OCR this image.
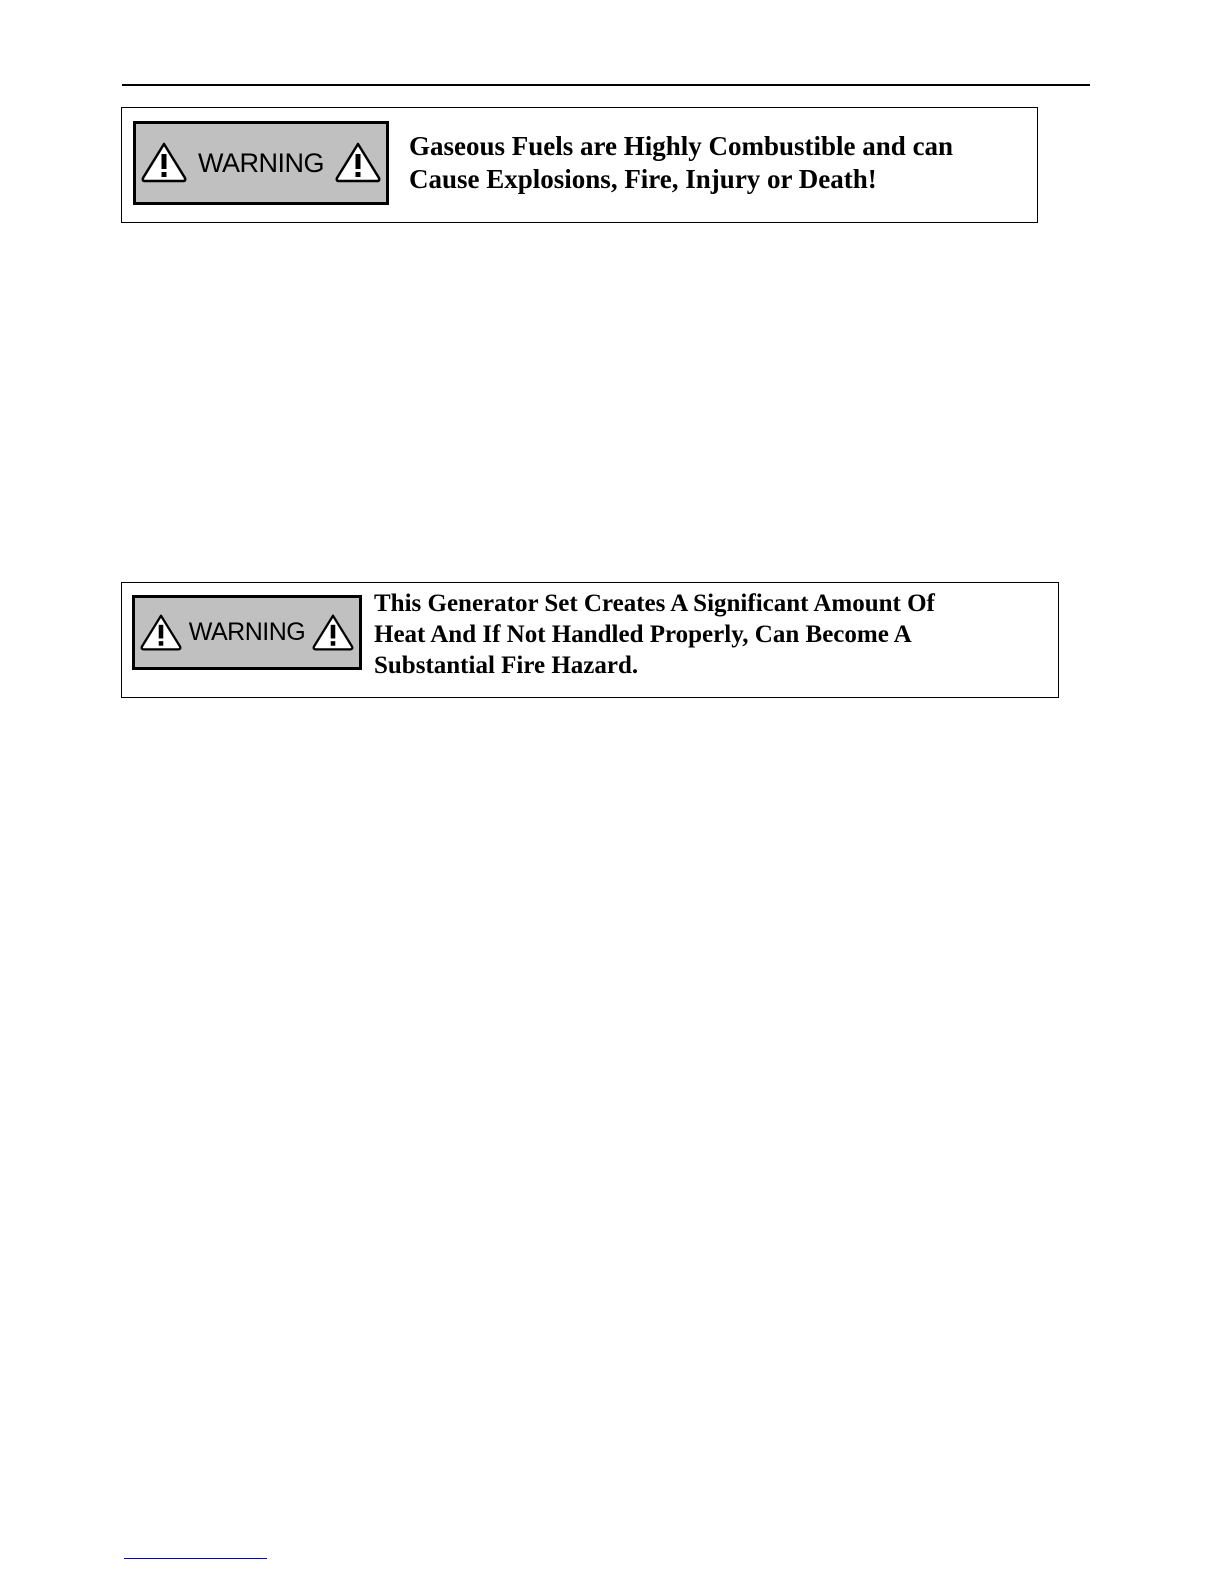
WARNING

Gaseous Fuels are Highly Combustible and can
Cause Explosions, Fire, Injury or Death!

WARNING

This Generator Set Creates A Significant Amount Of
Heat And If Not Handled Properly, Can Become A
Substantial Fire Hazard.
